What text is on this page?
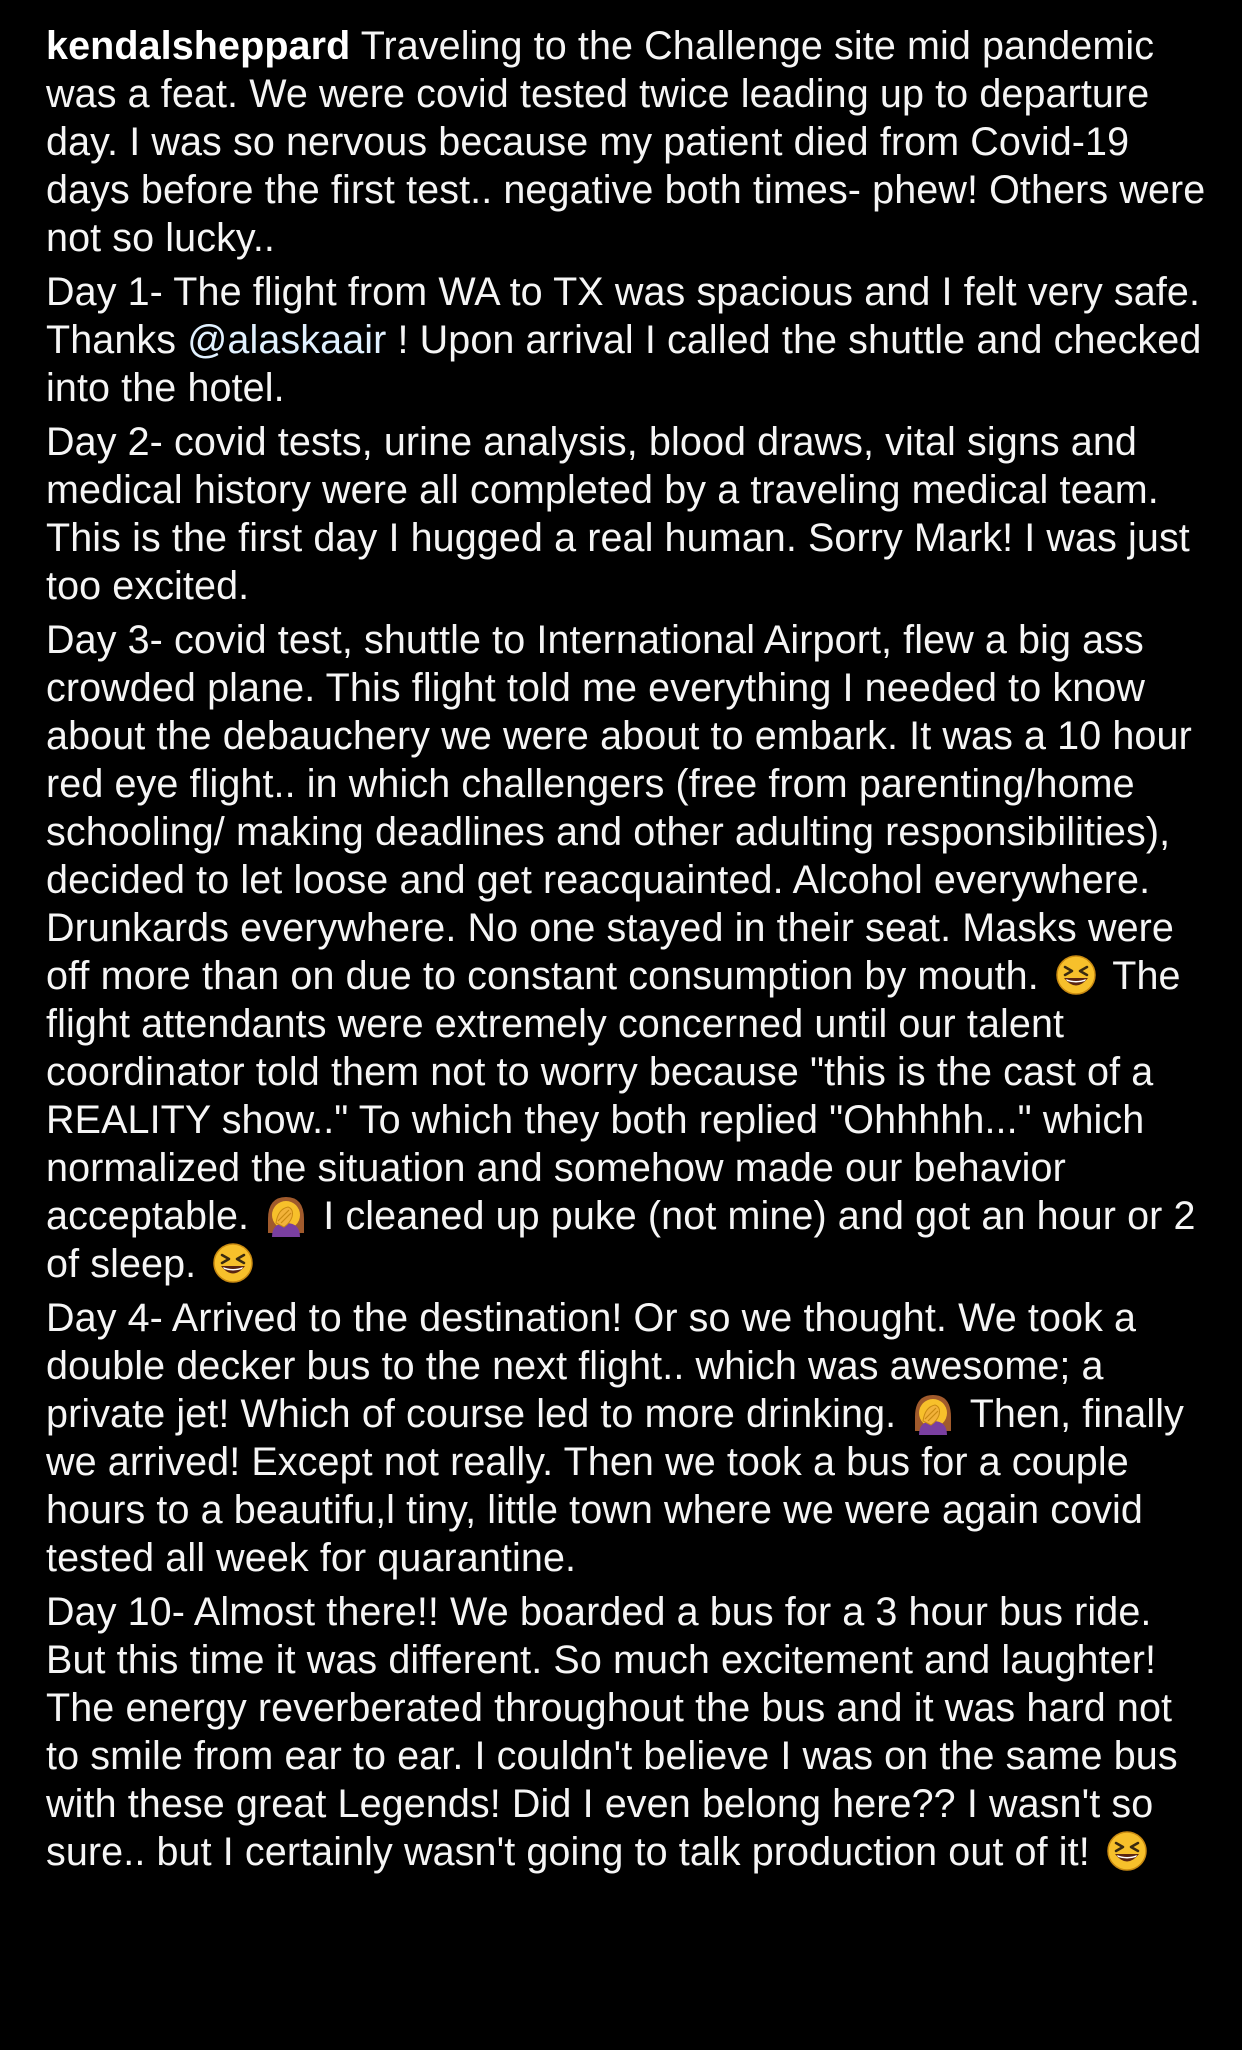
kendalsheppard Traveling to the Challenge site mid pandemic was a feat. We were covid tested twice leading up to departure day. I was so nervous because my patient died from Covid-19 days before the first test.. negative both times- phew! Others were not so lucky..

Day 1- The flight from WA to TX was spacious and I felt very safe. Thanks @alaskaair ! Upon arrival I called the shuttle and checked into the hotel.

Day 2- covid tests, urine analysis, blood draws, vital signs and medical history were all completed by a traveling medical team. This is the first day I hugged a real human. Sorry Mark! I was just too excited.

Day 3- covid test, shuttle to International Airport, flew a big ass crowded plane. This flight told me everything I needed to know about the debauchery we were about to embark. It was a 10 hour red eye flight.. in which challengers (free from parenting/home schooling/ making deadlines and other adulting responsibilities), decided to let loose and get reacquainted. Alcohol everywhere. Drunkards everywhere. No one stayed in their seat. Masks were off more than on due to constant consumption by mouth. The flight attendants were extremely concerned until our talent coordinator told them not to worry because "this is the cast of a REALITY show.." To which they both replied "Ohhhhh..." which normalized the situation and somehow made our behavior acceptable. I cleaned up puke (not mine) and got an hour or 2 of sleep.

Day 4- Arrived to the destination! Or so we thought. We took a double decker bus to the next flight.. which was awesome; a private jet! Which of course led to more drinking. Then, finally we arrived! Except not really. Then we took a bus for a couple hours to a beautifu,l tiny, little town where we were again covid tested all week for quarantine.

Day 10- Almost there!! We boarded a bus for a 3 hour bus ride. But this time it was different. So much excitement and laughter! The energy reverberated throughout the bus and it was hard not to smile from ear to ear. I couldn't believe I was on the same bus with these great Legends! Did I even belong here?? I wasn't so sure.. but I certainly wasn't going to talk production out of it!
